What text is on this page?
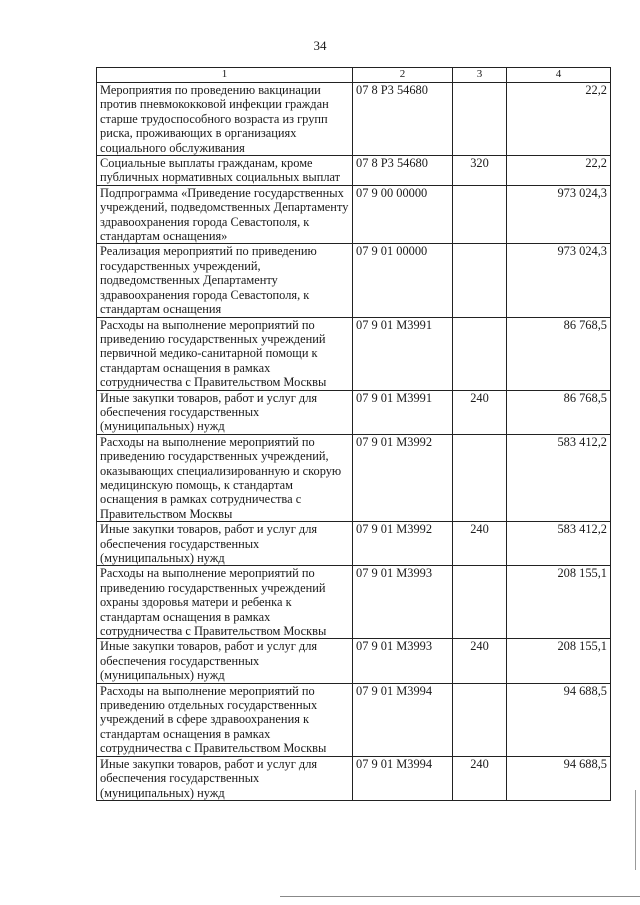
34
1	2	3	4
Мероприятия по проведению вакцинации против пневмококковой инфекции граждан старше трудоспособного возраста из групп риска, проживающих в организациях социального обслуживания	07 8 P3 54680		22,2
Социальные выплаты гражданам, кроме публичных нормативных социальных выплат	07 8 P3 54680	320	22,2
Подпрограмма «Приведение государственных учреждений, подведомственных Департаменту здравоохранения города Севастополя, к стандартам оснащения»	07 9 00 00000		973 024,3
Реализация мероприятий по приведению государственных учреждений, подведомственных Департаменту здравоохранения города Севастополя, к стандартам оснащения	07 9 01 00000		973 024,3
Расходы на выполнение мероприятий по приведению государственных учреждений первичной медико-санитарной помощи к стандартам оснащения в рамках сотрудничества с Правительством Москвы	07 9 01 M3991		86 768,5
Иные закупки товаров, работ и услуг для обеспечения государственных (муниципальных) нужд	07 9 01 M3991	240	86 768,5
Расходы на выполнение мероприятий по приведению государственных учреждений, оказывающих специализированную и скорую медицинскую помощь, к стандартам оснащения в рамках сотрудничества с Правительством Москвы	07 9 01 M3992		583 412,2
Иные закупки товаров, работ и услуг для обеспечения государственных (муниципальных) нужд	07 9 01 M3992	240	583 412,2
Расходы на выполнение мероприятий по приведению государственных учреждений охраны здоровья матери и ребенка к стандартам оснащения в рамках сотрудничества с Правительством Москвы	07 9 01 M3993		208 155,1
Иные закупки товаров, работ и услуг для обеспечения государственных (муниципальных) нужд	07 9 01 M3993	240	208 155,1
Расходы на выполнение мероприятий по приведению отдельных государственных учреждений в сфере здравоохранения к стандартам оснащения в рамках сотрудничества с Правительством Москвы	07 9 01 M3994		94 688,5
Иные закупки товаров, работ и услуг для обеспечения государственных (муниципальных) нужд	07 9 01 M3994	240	94 688,5
